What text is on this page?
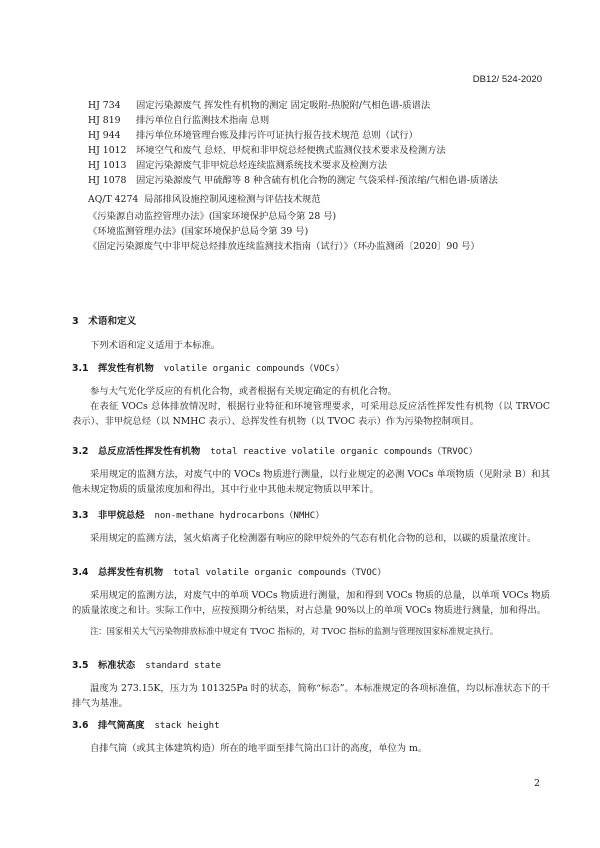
DB12/ 524-2020
HJ 734 固定污染源废气 挥发性有机物的测定 固定吸附-热脱附/气相色谱-质谱法
HJ 819 排污单位自行监测技术指南 总则
HJ 944 排污单位环境管理台账及排污许可证执行报告技术规范 总则（试行）
HJ 1012 环境空气和废气 总烃、甲烷和非甲烷总烃便携式监测仪技术要求及检测方法
HJ 1013 固定污染源废气非甲烷总烃连续监测系统技术要求及检测方法
HJ 1078 固定污染源废气 甲硫醇等 8 种含硫有机化合物的测定 气袋采样-预浓缩/气相色谱-质谱法
AQ/T 4274 局部排风设施控制风速检测与评估技术规范
《污染源自动监控管理办法》(国家环境保护总局令第 28 号)
《环境监测管理办法》(国家环境保护总局令第 39 号)
《固定污染源废气中非甲烷总烃排放连续监测技术指南（试行）》（环办监测函〔2020〕90 号）
3　术语和定义

下列术语和定义适用于本标准。

3.1 挥发性有机物 volatile organic compounds（VOCs）

参与大气光化学反应的有机化合物，或者根据有关规定确定的有机化合物。

在表征 VOCs 总体排放情况时，根据行业特征和环境管理要求，可采用总反应活性挥发性有机物（以 TRVOC 表示）、非甲烷总烃（以 NMHC 表示）、总挥发性有机物（以 TVOC 表示）作为污染物控制项目。

3.2 总反应活性挥发性有机物 total reactive volatile organic compounds（TRVOC）

采用规定的监测方法，对废气中的 VOCs 物质进行测量，以行业规定的必测 VOCs 单项物质（见附录 B）和其他未规定物质的质量浓度加和得出，其中行业中其他未规定物质以甲苯计。

3.3 非甲烷总烃 non-methane hydrocarbons（NMHC）

采用规定的监测方法，氢火焰离子化检测器有响应的除甲烷外的气态有机化合物的总和，以碳的质量浓度计。

3.4 总挥发性有机物 total volatile organic compounds（TVOC）

采用规定的监测方法，对废气中的单项 VOCs 物质进行测量，加和得到 VOCs 物质的总量，以单项 VOCs 物质的质量浓度之和计。实际工作中，应按预期分析结果，对占总量 90%以上的单项 VOCs 物质进行测量，加和得出。

注：国家相关大气污染物排放标准中规定有 TVOC 指标的，对 TVOC 指标的监测与管理按国家标准规定执行。
3.5 标准状态 standard state

温度为 273.15K，压力为 101325Pa 时的状态，简称“标态”。本标准规定的各项标准值，均以标准状态下的干排气为基准。

3.6 排气筒高度 stack height

自排气筒（或其主体建筑构造）所在的地平面至排气筒出口计的高度，单位为 m。

2
